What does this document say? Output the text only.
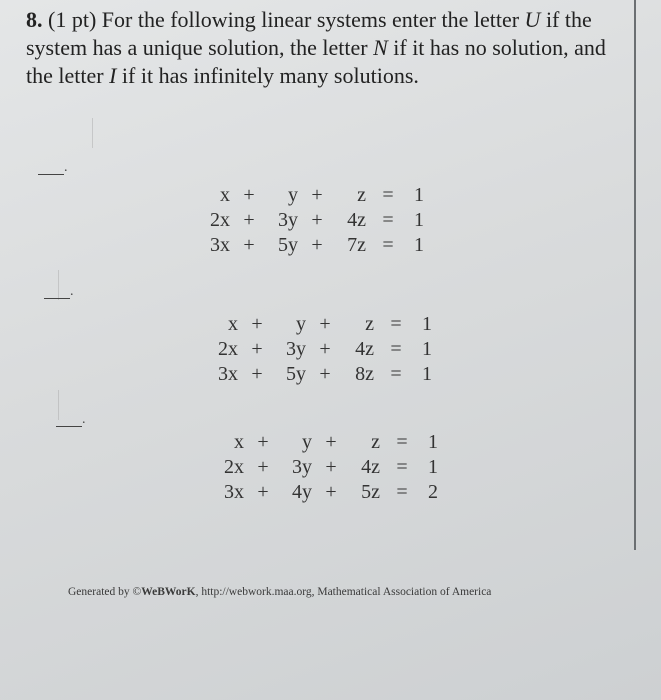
8. (1 pt) For the following linear systems enter the letter U if the system has a unique solution, the letter N if it has no solution, and the letter I if it has infinitely many solutions.
.
.
.
x	+	y	+	z	=	1
2x	+	3y	+	4z	=	1
3x	+	5y	+	7z	=	1
x	+	y	+	z	=	1
2x	+	3y	+	4z	=	1
3x	+	5y	+	8z	=	1
x	+	y	+	z	=	1
2x	+	3y	+	4z	=	1
3x	+	4y	+	5z	=	2
Generated by ©WeBWorK, http://webwork.maa.org, Mathematical Association of America
